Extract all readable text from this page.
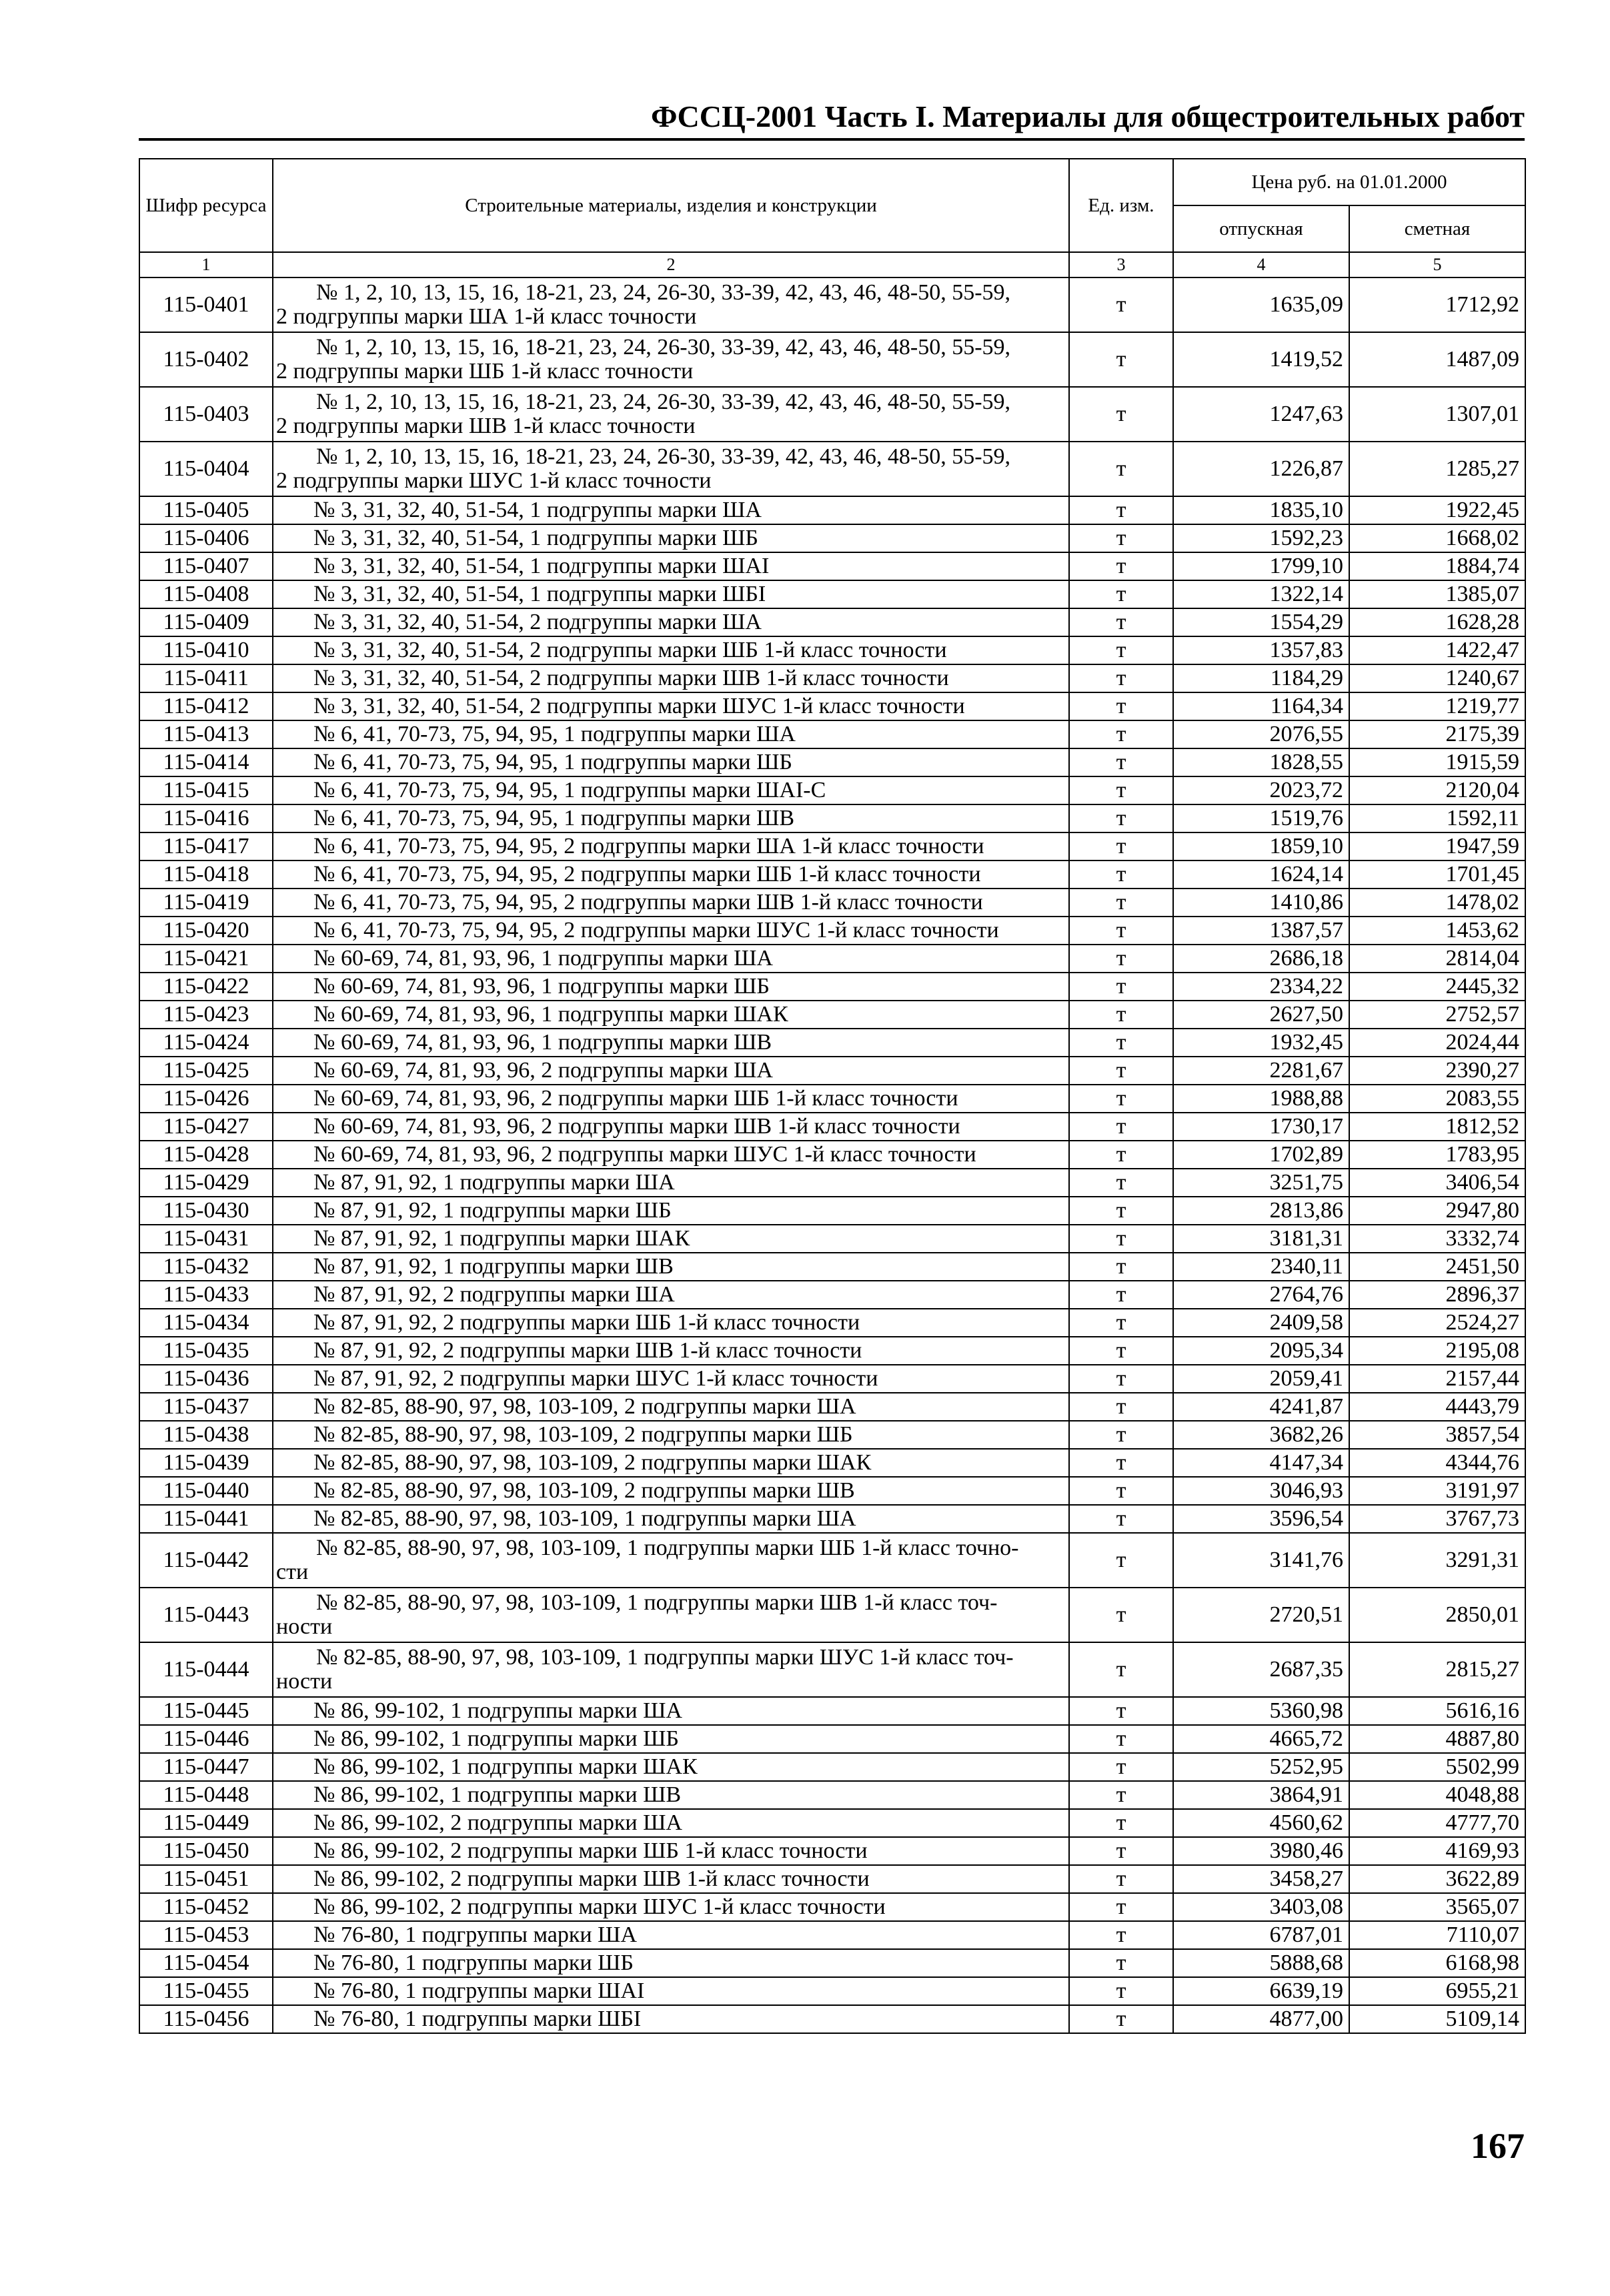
ФССЦ-2001 Часть I. Материалы для общестроительных работ
Шифр ресурса	Строительные материалы, изделия и конструкции	Ед. изм.	Цена руб. на 01.01.2000	
			отпускная	сметная
1	2	3	4	5
115-0401	№ 1, 2, 10, 13, 15, 16, 18-21, 23, 24, 26-30, 33-39, 42, 43, 46, 48-50, 55-59,
2 подгруппы марки ША 1-й класс точности	т	1635,09	1712,92
115-0402	№ 1, 2, 10, 13, 15, 16, 18-21, 23, 24, 26-30, 33-39, 42, 43, 46, 48-50, 55-59,
2 подгруппы марки ШБ 1-й класс точности	т	1419,52	1487,09
115-0403	№ 1, 2, 10, 13, 15, 16, 18-21, 23, 24, 26-30, 33-39, 42, 43, 46, 48-50, 55-59,
2 подгруппы марки ШВ 1-й класс точности	т	1247,63	1307,01
115-0404	№ 1, 2, 10, 13, 15, 16, 18-21, 23, 24, 26-30, 33-39, 42, 43, 46, 48-50, 55-59,
2 подгруппы марки ШУС 1-й класс точности	т	1226,87	1285,27
115-0405	№ 3, 31, 32, 40, 51-54, 1 подгруппы марки ША	т	1835,10	1922,45
115-0406	№ 3, 31, 32, 40, 51-54, 1 подгруппы марки ШБ	т	1592,23	1668,02
115-0407	№ 3, 31, 32, 40, 51-54, 1 подгруппы марки ШАI	т	1799,10	1884,74
115-0408	№ 3, 31, 32, 40, 51-54, 1 подгруппы марки ШБI	т	1322,14	1385,07
115-0409	№ 3, 31, 32, 40, 51-54, 2 подгруппы марки ША	т	1554,29	1628,28
115-0410	№ 3, 31, 32, 40, 51-54, 2 подгруппы марки ШБ 1-й класс точности	т	1357,83	1422,47
115-0411	№ 3, 31, 32, 40, 51-54, 2 подгруппы марки ШВ 1-й класс точности	т	1184,29	1240,67
115-0412	№ 3, 31, 32, 40, 51-54, 2 подгруппы марки ШУС 1-й класс точности	т	1164,34	1219,77
115-0413	№ 6, 41, 70-73, 75, 94, 95, 1 подгруппы марки ША	т	2076,55	2175,39
115-0414	№ 6, 41, 70-73, 75, 94, 95, 1 подгруппы марки ШБ	т	1828,55	1915,59
115-0415	№ 6, 41, 70-73, 75, 94, 95, 1 подгруппы марки ШАI-С	т	2023,72	2120,04
115-0416	№ 6, 41, 70-73, 75, 94, 95, 1 подгруппы марки ШВ	т	1519,76	1592,11
115-0417	№ 6, 41, 70-73, 75, 94, 95, 2 подгруппы марки ША 1-й класс точности	т	1859,10	1947,59
115-0418	№ 6, 41, 70-73, 75, 94, 95, 2 подгруппы марки ШБ 1-й класс точности	т	1624,14	1701,45
115-0419	№ 6, 41, 70-73, 75, 94, 95, 2 подгруппы марки ШВ 1-й класс точности	т	1410,86	1478,02
115-0420	№ 6, 41, 70-73, 75, 94, 95, 2 подгруппы марки ШУС 1-й класс точности	т	1387,57	1453,62
115-0421	№ 60-69, 74, 81, 93, 96, 1 подгруппы марки ША	т	2686,18	2814,04
115-0422	№ 60-69, 74, 81, 93, 96, 1 подгруппы марки ШБ	т	2334,22	2445,32
115-0423	№ 60-69, 74, 81, 93, 96, 1 подгруппы марки ШАК	т	2627,50	2752,57
115-0424	№ 60-69, 74, 81, 93, 96, 1 подгруппы марки ШВ	т	1932,45	2024,44
115-0425	№ 60-69, 74, 81, 93, 96, 2 подгруппы марки ША	т	2281,67	2390,27
115-0426	№ 60-69, 74, 81, 93, 96, 2 подгруппы марки ШБ 1-й класс точности	т	1988,88	2083,55
115-0427	№ 60-69, 74, 81, 93, 96, 2 подгруппы марки ШВ 1-й класс точности	т	1730,17	1812,52
115-0428	№ 60-69, 74, 81, 93, 96, 2 подгруппы марки ШУС 1-й класс точности	т	1702,89	1783,95
115-0429	№ 87, 91, 92, 1 подгруппы марки ША	т	3251,75	3406,54
115-0430	№ 87, 91, 92, 1 подгруппы марки ШБ	т	2813,86	2947,80
115-0431	№ 87, 91, 92, 1 подгруппы марки ШАК	т	3181,31	3332,74
115-0432	№ 87, 91, 92, 1 подгруппы марки ШВ	т	2340,11	2451,50
115-0433	№ 87, 91, 92, 2 подгруппы марки ША	т	2764,76	2896,37
115-0434	№ 87, 91, 92, 2 подгруппы марки ШБ 1-й класс точности	т	2409,58	2524,27
115-0435	№ 87, 91, 92, 2 подгруппы марки ШВ 1-й класс точности	т	2095,34	2195,08
115-0436	№ 87, 91, 92, 2 подгруппы марки ШУС 1-й класс точности	т	2059,41	2157,44
115-0437	№ 82-85, 88-90, 97, 98, 103-109, 2 подгруппы марки ША	т	4241,87	4443,79
115-0438	№ 82-85, 88-90, 97, 98, 103-109, 2 подгруппы марки ШБ	т	3682,26	3857,54
115-0439	№ 82-85, 88-90, 97, 98, 103-109, 2 подгруппы марки ШАК	т	4147,34	4344,76
115-0440	№ 82-85, 88-90, 97, 98, 103-109, 2 подгруппы марки ШВ	т	3046,93	3191,97
115-0441	№ 82-85, 88-90, 97, 98, 103-109, 1 подгруппы марки ША	т	3596,54	3767,73
115-0442	№ 82-85, 88-90, 97, 98, 103-109, 1 подгруппы марки ШБ 1-й класс точно-
сти	т	3141,76	3291,31
115-0443	№ 82-85, 88-90, 97, 98, 103-109, 1 подгруппы марки ШВ 1-й класс точ-
ности	т	2720,51	2850,01
115-0444	№ 82-85, 88-90, 97, 98, 103-109, 1 подгруппы марки ШУС 1-й класс точ-
ности	т	2687,35	2815,27
115-0445	№ 86, 99-102, 1 подгруппы марки ША	т	5360,98	5616,16
115-0446	№ 86, 99-102, 1 подгруппы марки ШБ	т	4665,72	4887,80
115-0447	№ 86, 99-102, 1 подгруппы марки ШАК	т	5252,95	5502,99
115-0448	№ 86, 99-102, 1 подгруппы марки ШВ	т	3864,91	4048,88
115-0449	№ 86, 99-102, 2 подгруппы марки ША	т	4560,62	4777,70
115-0450	№ 86, 99-102, 2 подгруппы марки ШБ 1-й класс точности	т	3980,46	4169,93
115-0451	№ 86, 99-102, 2 подгруппы марки ШВ 1-й класс точности	т	3458,27	3622,89
115-0452	№ 86, 99-102, 2 подгруппы марки ШУС 1-й класс точности	т	3403,08	3565,07
115-0453	№ 76-80, 1 подгруппы марки ША	т	6787,01	7110,07
115-0454	№ 76-80, 1 подгруппы марки ШБ	т	5888,68	6168,98
115-0455	№ 76-80, 1 подгруппы марки ШАI	т	6639,19	6955,21
115-0456	№ 76-80, 1 подгруппы марки ШБI	т	4877,00	5109,14
167
